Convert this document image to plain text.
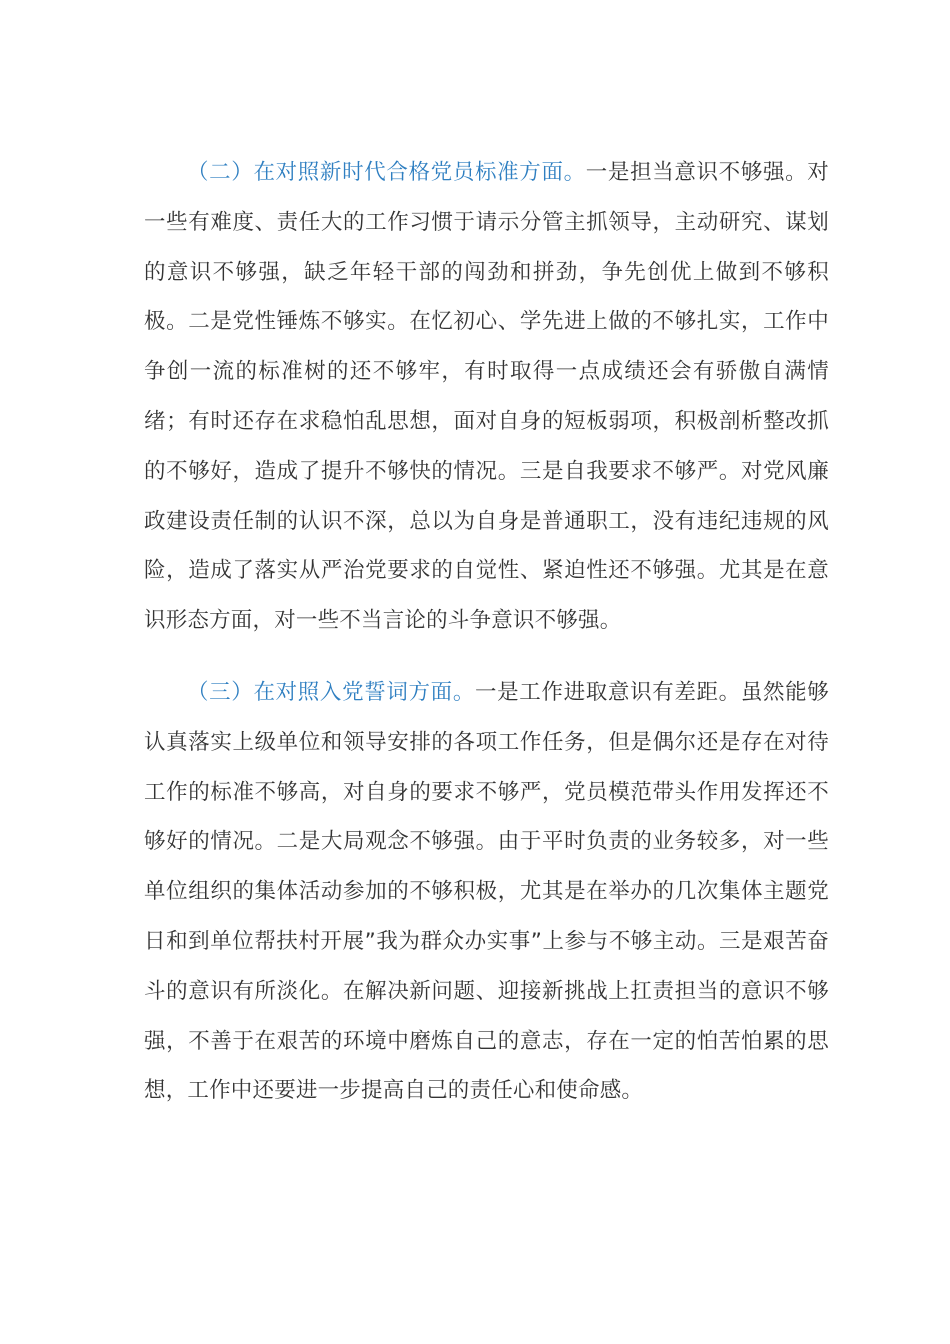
（二）在对照新时代合格党员标准方面。一是担当意识不够强。对一些有难度、责任大的工作习惯于请示分管主抓领导，主动研究、谋划的意识不够强，缺乏年轻干部的闯劲和拼劲，争先创优上做到不够积极。二是党性锤炼不够实。在忆初心、学先进上做的不够扎实，工作中争创一流的标准树的还不够牢，有时取得一点成绩还会有骄傲自满情绪；有时还存在求稳怕乱思想，面对自身的短板弱项，积极剖析整改抓的不够好，造成了提升不够快的情况。三是自我要求不够严。对党风廉政建设责任制的认识不深，总以为自身是普通职工，没有违纪违规的风险，造成了落实从严治党要求的自觉性、紧迫性还不够强。尤其是在意识形态方面，对一些不当言论的斗争意识不够强。

（三）在对照入党誓词方面。一是工作进取意识有差距。虽然能够认真落实上级单位和领导安排的各项工作任务，但是偶尔还是存在对待工作的标准不够高，对自身的要求不够严，党员模范带头作用发挥还不够好的情况。二是大局观念不够强。由于平时负责的业务较多，对一些单位组织的集体活动参加的不够积极，尤其是在举办的几次集体主题党日和到单位帮扶村开展”我为群众办实事”上参与不够主动。三是艰苦奋斗的意识有所淡化。在解决新问题、迎接新挑战上扛责担当的意识不够强，不善于在艰苦的环境中磨炼自己的意志，存在一定的怕苦怕累的思想，工作中还要进一步提高自己的责任心和使命感。
